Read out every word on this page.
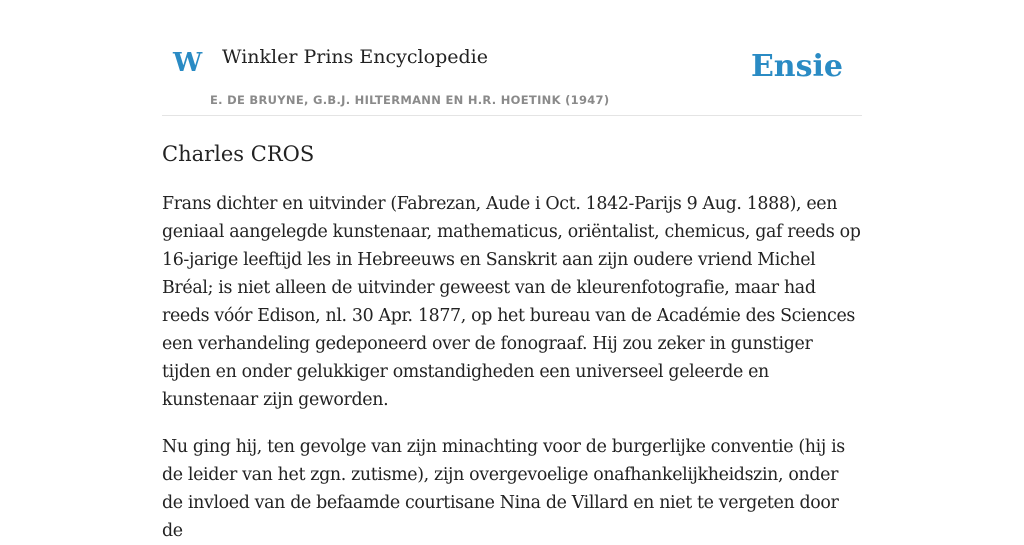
W Winkler Prins Encyclopedie	Ensie
E. DE BRUYNE, G.B.J. HILTERMANN EN H.R. HOETINK (1947)
Charles CROS

Frans dichter en uitvinder (Fabrezan, Aude i Oct. 1842-Parijs 9 Aug. 1888), een geniaal aangelegde kunstenaar, mathematicus, oriëntalist, chemicus, gaf reeds op 16-jarige leeftijd les in Hebreeuws en Sanskrit aan zijn oudere vriend Michel Bréal; is niet alleen de uitvinder geweest van de kleurenfotografie, maar had reeds vóór Edison, nl. 30 Apr. 1877, op het bureau van de Académie des Sciences een verhandeling gedeponeerd over de fonograaf. Hij zou zeker in gunstiger tijden en onder gelukkiger omstandigheden een universeel geleerde en kunstenaar zijn geworden.

Nu ging hij, ten gevolge van zijn minachting voor de burgerlijke conventie (hij is de leider van het zgn. zutisme), zijn overgevoelige onafhankelijkheidszin, onder de invloed van de befaamde courtisane Nina de Villard en niet te vergeten door de
